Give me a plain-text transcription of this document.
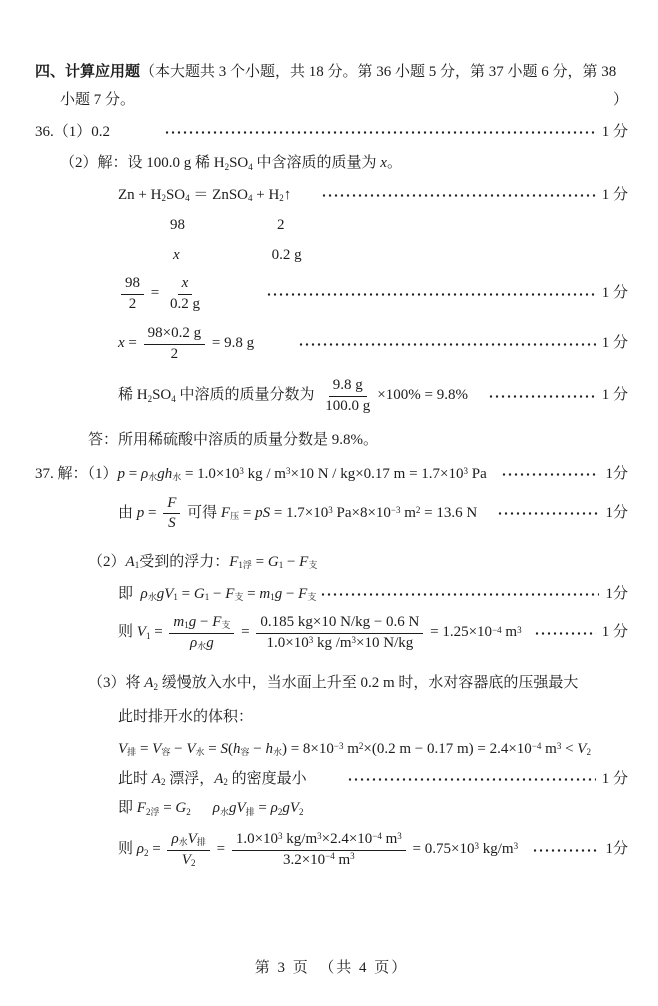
四、计算应用题 （本大题共 3 个小题，共 18 分。第 36 小题 5 分，第 37 小题 6 分，第 38
小题 7 分。	）
36.（1）0.2	1 分
（2）解：设 100.0 g 稀 H 2 SO 4 中含溶质的质量为 x 。
Zn + H 2 SO 4 ＝ ZnSO 4 + H 2 ↑	1 分
98	2
x	0.2 g
$\frac{98}{2} = \frac{x}{0.2 g}$	1 分
$x = \frac{98\times 0.2 g}{2} = 9.8$ g	1 分
稀 H 2 SO 4 中溶质的质量分数为 $\frac{9.8 g}{100.0 g} \times 100\% = 9.8\%$	1 分
答：所用稀硫酸中溶质的质量分数是 9.8%。
37. 解：（1） p = ρ 水 g h 水 = 1.0×10 3 kg / m 3 ×10 N / kg×0.17 m = 1.7×10 3 Pa	1分
由 $p = \frac{F}{S}$ 可得 F 压 = pS = 1.7×10 3 Pa×8×10 −3 m 2 = 13.6 N	1分
（2） A 1 受到的浮力： F 1浮 = G 1 − F 支
即 ρ 水 gV 1 = G 1 − F 支 = m 1 g − F 支	1分
则 V 1 =
m 1 g − F 支
ρ 水 g
= $\frac{0.185 kg\times 10 N/kg - 0.6 N}{1.0\times 10 3 kg /m 3 \times 10 N/kg} = 1.25\times 10 -4$ m 3	1 分
（3）将 A 2 缓慢放入水中，当水面上升至 0.2 m 时，水对容器底的压强最大
此时排开水的体积：
V 排 = V 容 − V 水 = S ( h 容 − h 水 ) = 8×10 −3 m 2 ×(0.2 m − 0.17 m) = 2.4×10 −4 m 3 < V 2
此时 A 2 漂浮， A 2 的密度最小	1 分
即 F 2浮 = G 2 ρ 水 gV 排 = ρ 2 gV 2
则 ρ 2 =
ρ 水 V 排
V 2
= $\frac{1.0\times 10 3 kg/m 3 \times 2.4\times 10 -4 m 3}{3.2\times 10 -4 m 3} = 0.75\times 10$ 3 kg/m 3	1分
第 3 页　（共 4 页）
